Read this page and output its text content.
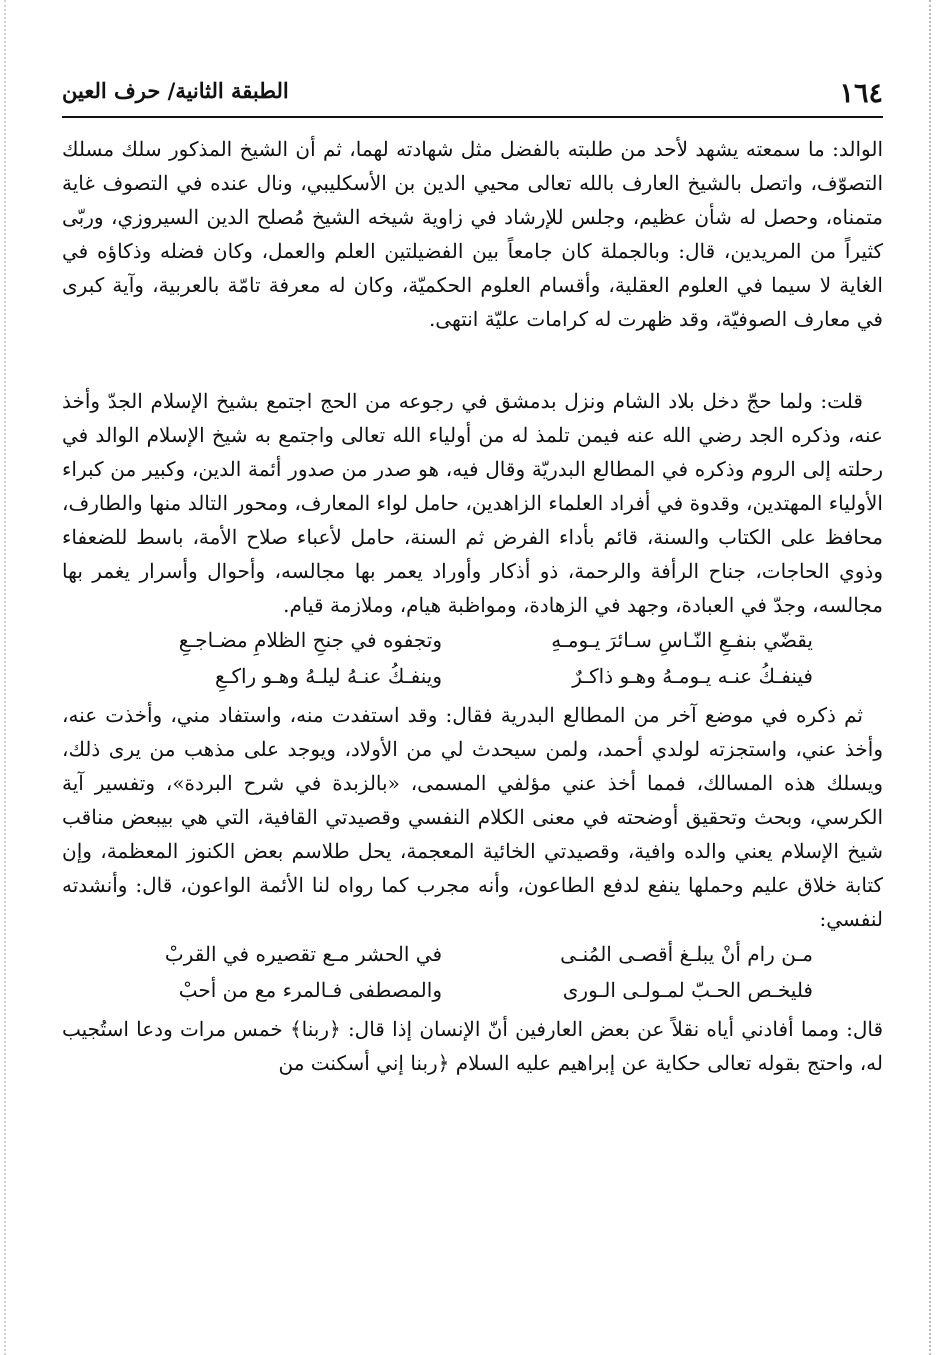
١٦٤
الطبقة الثانية/ حرف العين

الوالد: ما سمعته يشهد لأحد من طلبته بالفضل مثل شهادته لهما، ثم أن الشيخ المذكور سلك مسلك التصوّف، واتصل بالشيخ العارف بالله تعالى محيي الدين بن الأسكليبي، ونال عنده في التصوف غاية متمناه، وحصل له شأن عظيم، وجلس للإرشاد في زاوية شيخه الشيخ مُصلح الدين السيروزي، وربّى كثيراً من المريدين، قال: وبالجملة كان جامعاً بين الفضيلتين العلم والعمل، وكان فضله وذكاؤه في الغاية لا سيما في العلوم العقلية، وأقسام العلوم الحكميّة، وكان له معرفة تامّة بالعربية، وآية كبرى في معارف الصوفيّة، وقد ظهرت له كرامات عليّة انتهى.

قلت: ولما حجّ دخل بلاد الشام ونزل بدمشق في رجوعه من الحج اجتمع بشيخ الإسلام الجدّ وأخذ عنه، وذكره الجد رضي الله عنه فيمن تلمذ له من أولياء الله تعالى واجتمع به شيخ الإسلام الوالد في رحلته إلى الروم وذكره في المطالع البدريّة وقال فيه، هو صدر من صدور أئمة الدين، وكبير من كبراء الأولياء المهتدين، وقدوة في أفراد العلماء الزاهدين، حامل لواء المعارف، ومحور التالد منها والطارف، محافظ على الكتاب والسنة، قائم بأداء الفرض ثم السنة، حامل لأعباء صلاح الأمة، باسط للضعفاء وذوي الحاجات، جناح الرأفة والرحمة، ذو أذكار وأوراد يعمر بها مجالسه، وأحوال وأسرار يغمر بها مجالسه، وجدّ في العبادة، وجهد في الزهادة، ومواظبة هيام، وملازمة قيام.

يقضّي بنفـعِ النّـاسِ سـائرَ يـومـهِ
وتجفوه في جنحِ الظلامِ مضـاجـعِ
فينفـكُ عنـه يـومـهُ وهـو ذاكـرٌ
وينفـكُ عنـهُ ليلـهُ وهـو راكـعِ

ثم ذكره في موضع آخر من المطالع البدرية فقال: وقد استفدت منه، واستفاد مني، وأخذت عنه، وأخذ عني، واستجزته لولدي أحمد، ولمن سيحدث لي من الأولاد، ويوجد على مذهب من يرى ذلك، ويسلك هذه المسالك، فمما أخذ عني مؤلفي المسمى، «بالزبدة في شرح البردة»، وتفسير آية الكرسي، وبحث وتحقيق أوضحته في معنى الكلام النفسي وقصيدتي القافية، التي هي بيبعض مناقب شيخ الإسلام يعني والده وافية، وقصيدتي الخائية المعجمة، يحل طلاسم بعض الكنوز المعظمة، وإن كتابة خلاق عليم وحملها ينفع لدفع الطاعون، وأنه مجرب كما رواه لنا الأئمة الواعون، قال: وأنشدته لنفسي:

مـن رام أنْ يبلـغ أقصـى المُنـى
في الحشر مـع تقصيره في القربْ
فليخـص الحـبّ لمـولـى الـورى
والمصطفى فـالمرء مع من أحبْ

قال: ومما أفادني أياه نقلاً عن بعض العارفين أنّ الإنسان إذا قال: ﴿ربنا﴾ خمس مرات ودعا استُجيب له، واحتج بقوله تعالى حكاية عن إبراهيم عليه السلام ﴿ربنا إني أسكنت من
